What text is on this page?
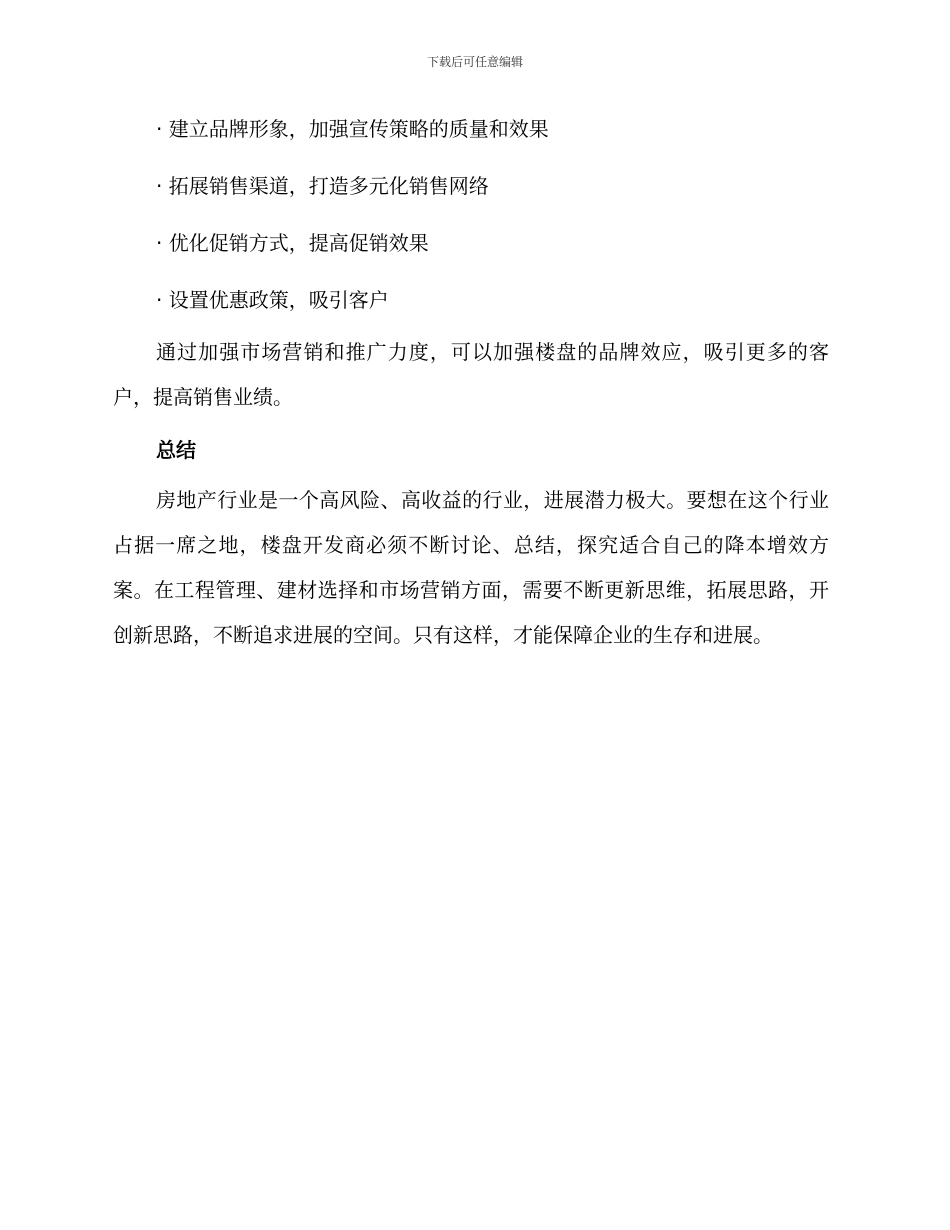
下载后可任意编辑

· 建立品牌形象，加强宣传策略的质量和效果

· 拓展销售渠道，打造多元化销售网络

· 优化促销方式，提高促销效果

· 设置优惠政策，吸引客户

通过加强市场营销和推广力度，可以加强楼盘的品牌效应，吸引更多的客户，提高销售业绩。

总结

房地产行业是一个高风险、高收益的行业，进展潜力极大。要想在这个行业占据一席之地，楼盘开发商必须不断讨论、总结，探究适合自己的降本增效方案。在工程管理、建材选择和市场营销方面，需要不断更新思维，拓展思路，开创新思路，不断追求进展的空间。只有这样，才能保障企业的生存和进展。
